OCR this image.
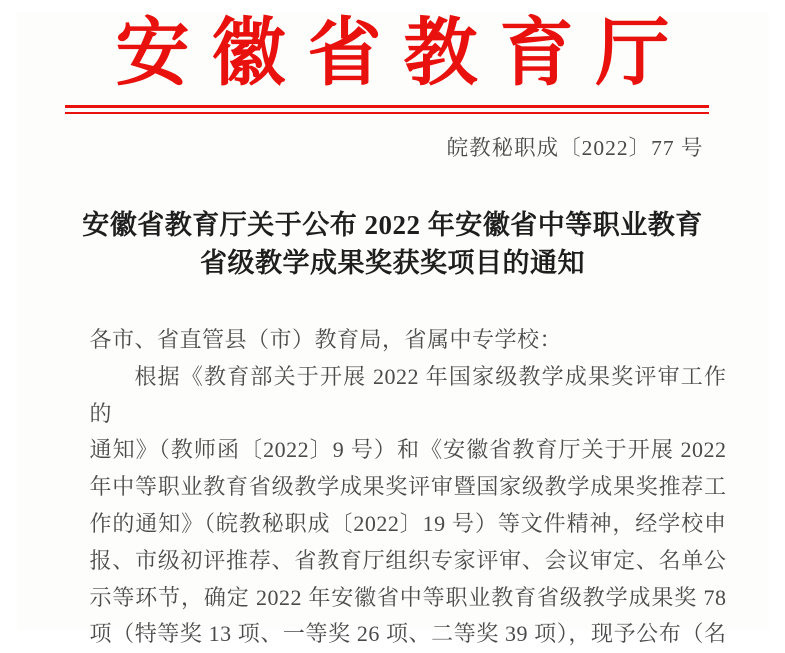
安徽省教育厅
皖教秘职成〔2022〕77 号
安徽省教育厅关于公布 2022 年安徽省中等职业教育
省级教学成果奖获奖项目的通知
各市、省直管县（市）教育局，省属中专学校：
根据《教育部关于开展 2022 年国家级教学成果奖评审工作的
通知》（教师函〔2022〕9 号）和《安徽省教育厅关于开展 2022
年中等职业教育省级教学成果奖评审暨国家级教学成果奖推荐工
作的通知》（皖教秘职成〔2022〕19 号）等文件精神，经学校申
报、市级初评推荐、省教育厅组织专家评审、会议审定、名单公
示等环节，确定 2022 年安徽省中等职业教育省级教学成果奖 78
项（特等奖 13 项、一等奖 26 项、二等奖 39 项），现予公布（名
